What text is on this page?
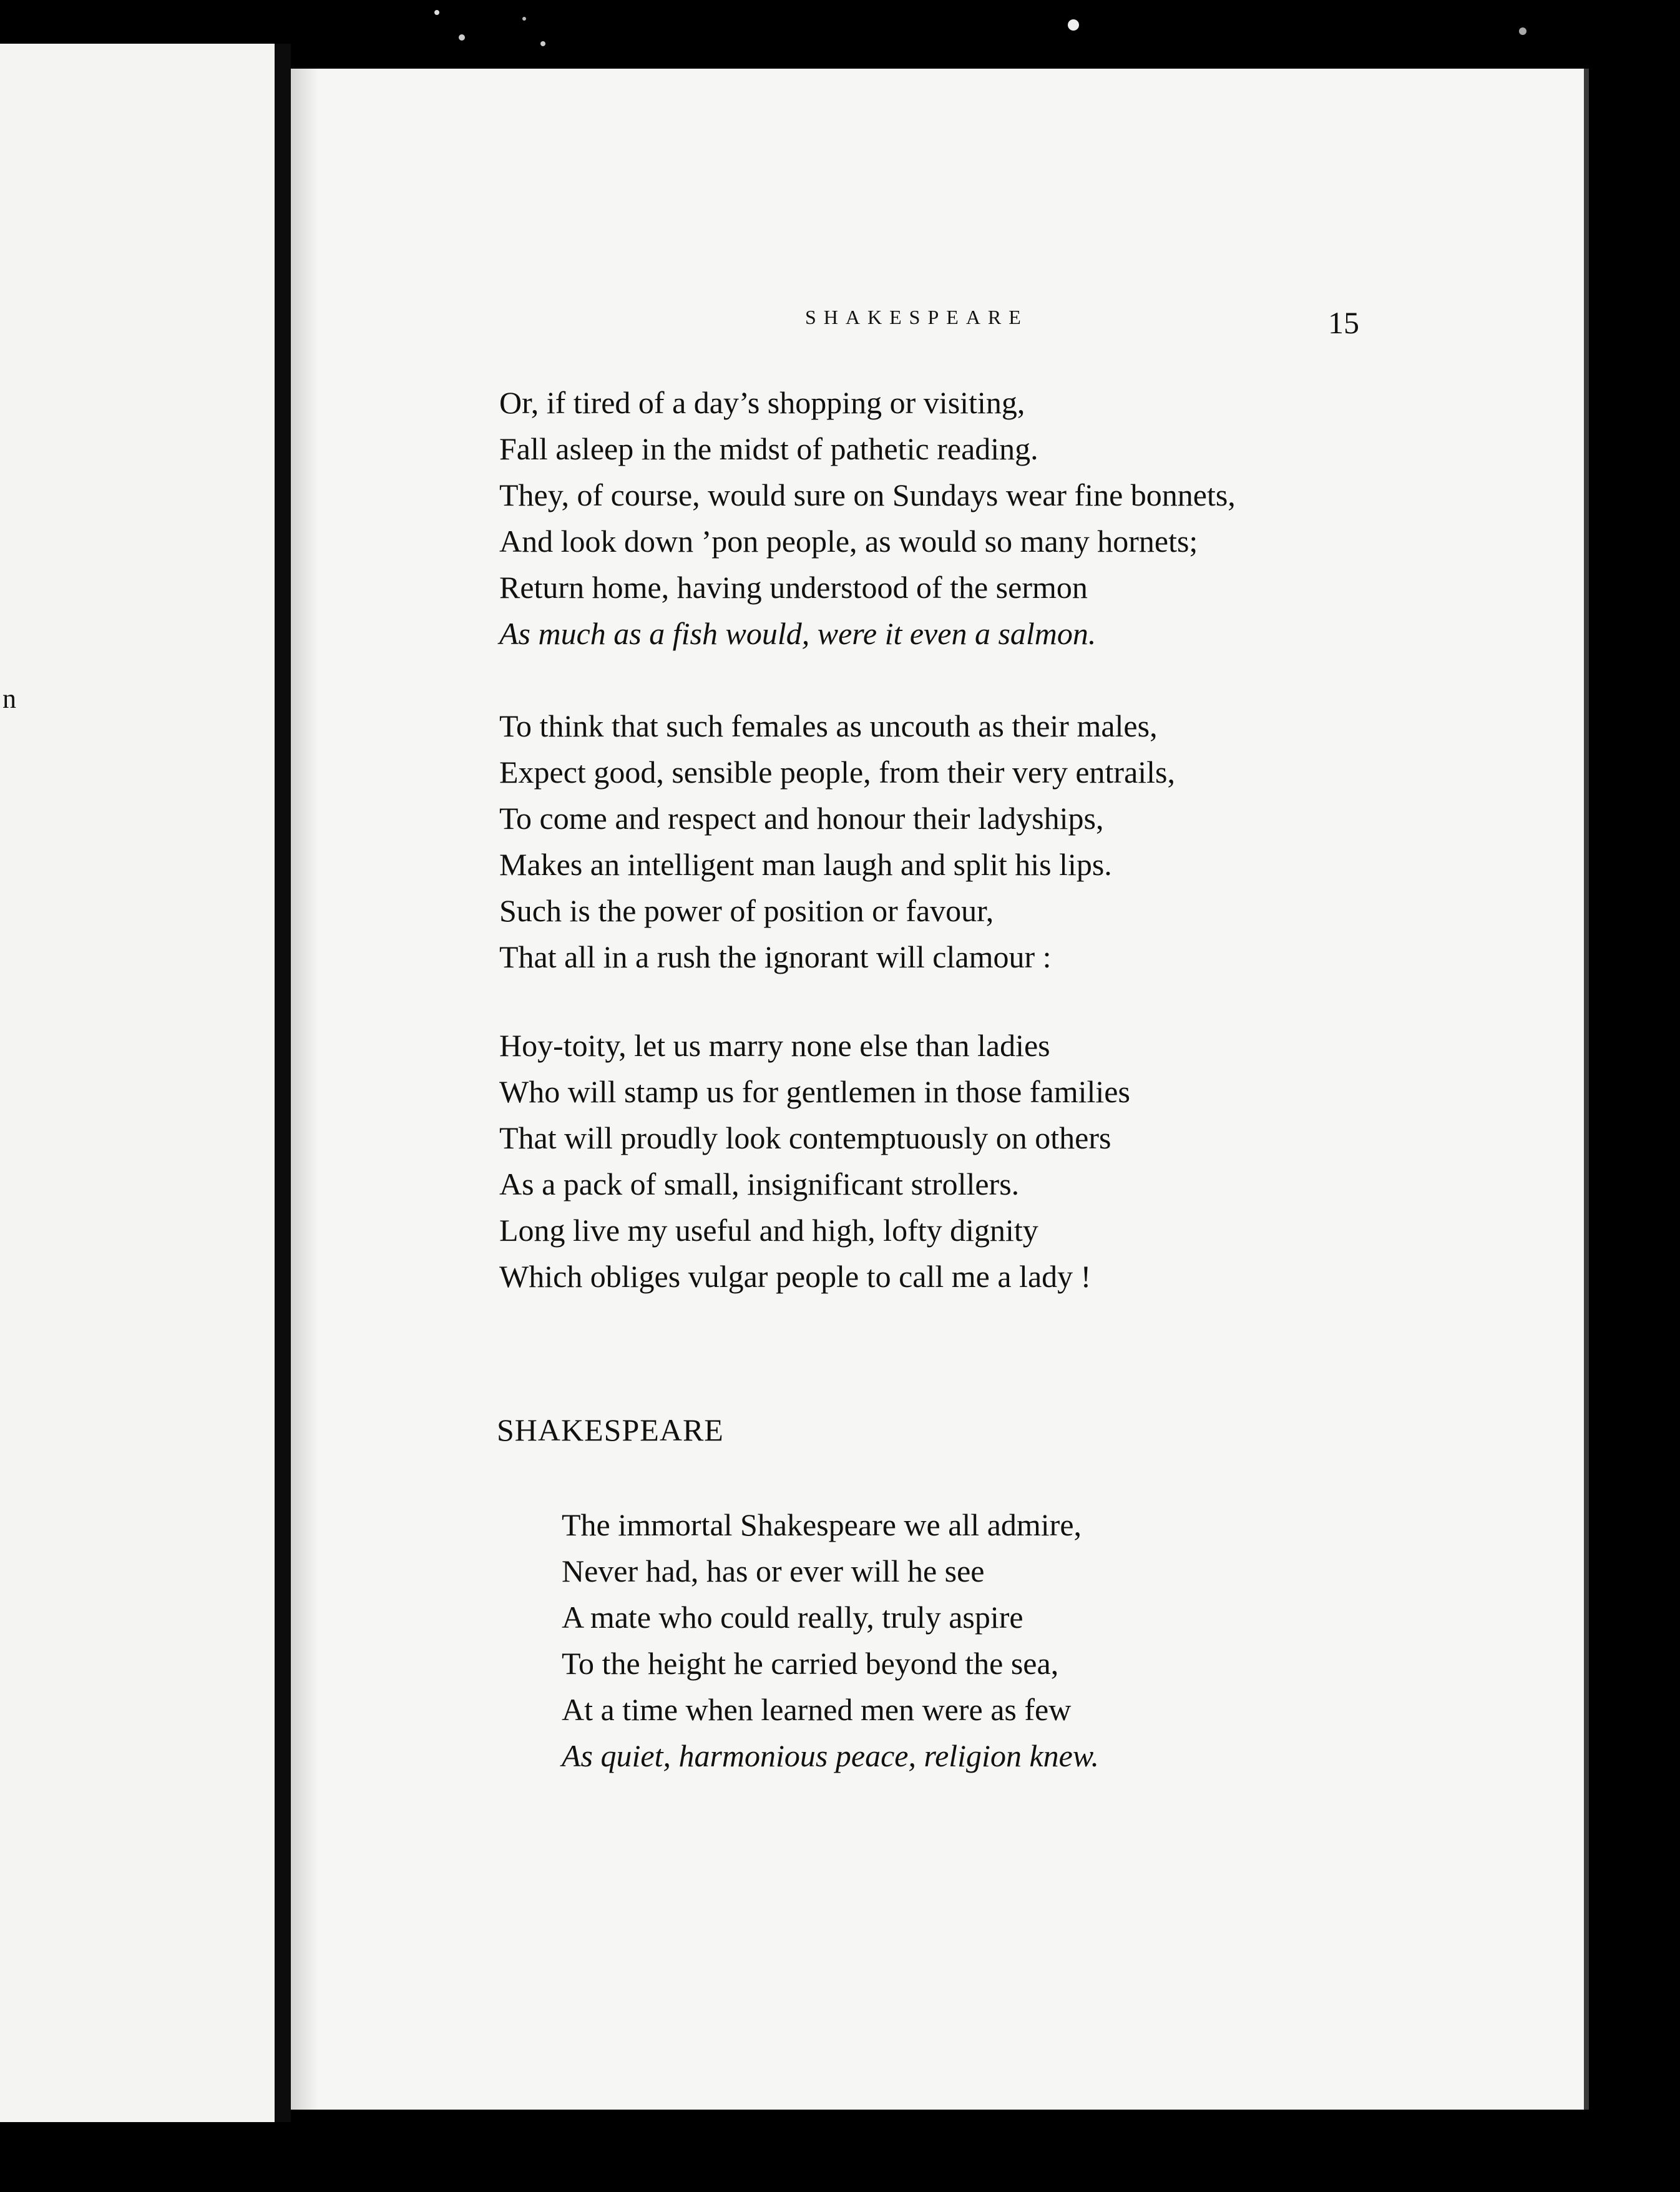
n
SHAKESPEARE	15
Or, if tired of a day’s shopping or visiting,
Fall asleep in the midst of pathetic reading.
They, of course, would sure on Sundays wear fine bonnets,
And look down ’pon people, as would so many hornets;
Return home, having understood of the sermon
As much as a fish would, were it even a salmon.
To think that such females as uncouth as their males,
Expect good, sensible people, from their very entrails,
To come and respect and honour their ladyships,
Makes an intelligent man laugh and split his lips.
Such is the power of position or favour,
That all in a rush the ignorant will clamour :
Hoy-toity, let us marry none else than ladies
Who will stamp us for gentlemen in those families
That will proudly look contemptuously on others
As a pack of small, insignificant strollers.
Long live my useful and high, lofty dignity
Which obliges vulgar people to call me a lady !
SHAKESPEARE
The immortal Shakespeare we all admire,
Never had, has or ever will he see
A mate who could really, truly aspire
To the height he carried beyond the sea,
At a time when learned men were as few
As quiet, harmonious peace, religion knew.
